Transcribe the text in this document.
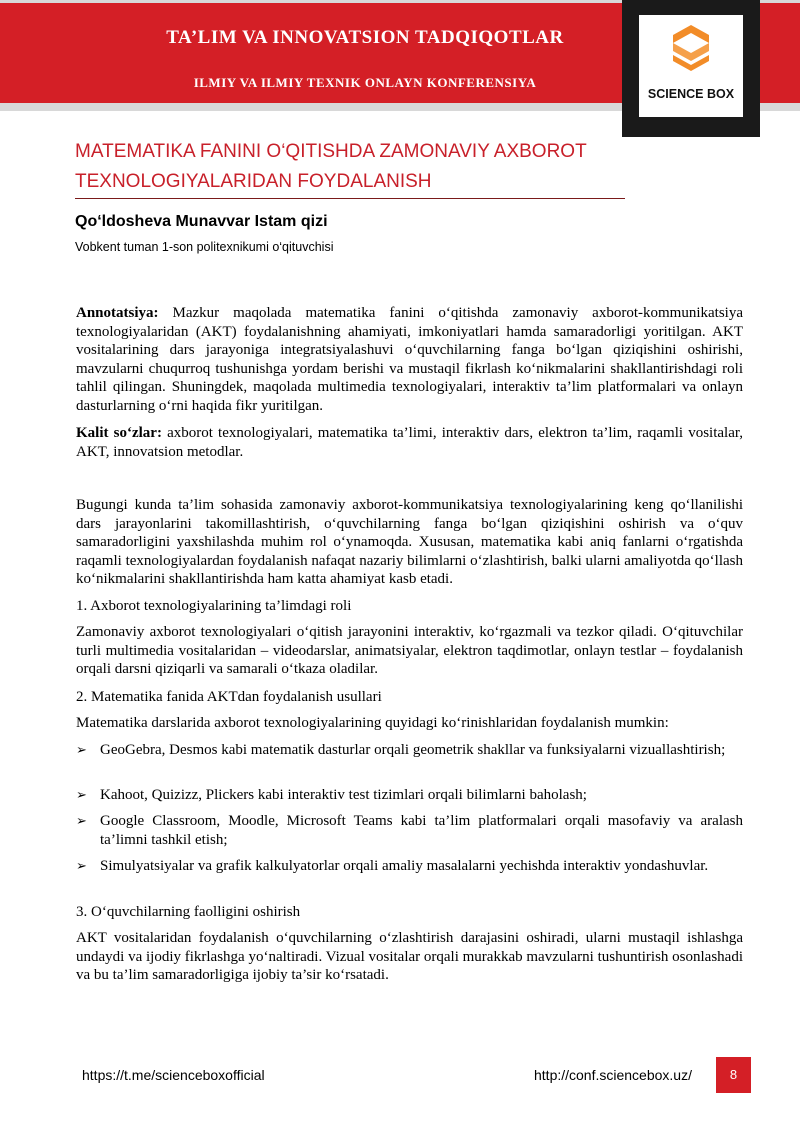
TA’LIM VA INNOVATSION TADQIQOTLAR
ILMIY VA ILMIY TEXNIK ONLAYN KONFERENSIYA
SCIENCE BOX
MATEMATIKA FANINI O‘QITISHDA ZAMONAVIY AXBOROT
TEXNOLOGIYALARIDAN FOYDALANISH
Qo‘ldosheva Munavvar Istam qizi
Vobkent tuman 1-son politexnikumi o‘qituvchisi
Annotatsiya: Mazkur maqolada matematika fanini o‘qitishda zamonaviy axborot-kommunikatsiya texnologiyalaridan (AKT) foydalanishning ahamiyati, imkoniyatlari hamda samaradorligi yoritilgan. AKT vositalarining dars jarayoniga integratsiyalashuvi o‘quvchilarning fanga bo‘lgan qiziqishini oshirishi, mavzularni chuqurroq tushunishga yordam berishi va mustaqil fikrlash ko‘nikmalarini shakllantirishdagi roli tahlil qilingan. Shuningdek, maqolada multimedia texnologiyalari, interaktiv ta’lim platformalari va onlayn dasturlarning o‘rni haqida fikr yuritilgan.
Kalit so‘zlar: axborot texnologiyalari, matematika ta’limi, interaktiv dars, elektron ta’lim, raqamli vositalar, AKT, innovatsion metodlar.
Bugungi kunda ta’lim sohasida zamonaviy axborot-kommunikatsiya texnologiyalarining keng qo‘llanilishi dars jarayonlarini takomillashtirish, o‘quvchilarning fanga bo‘lgan qiziqishini oshirish va o‘quv samaradorligini yaxshilashda muhim rol o‘ynamoqda. Xususan, matematika kabi aniq fanlarni o‘rgatishda raqamli texnologiyalardan foydalanish nafaqat nazariy bilimlarni o‘zlashtirish, balki ularni amaliyotda qo‘llash ko‘nikmalarini shakllantirishda ham katta ahamiyat kasb etadi.
1. Axborot texnologiyalarining ta’limdagi roli
Zamonaviy axborot texnologiyalari o‘qitish jarayonini interaktiv, ko‘rgazmali va tezkor qiladi. O‘qituvchilar turli multimedia vositalaridan – videodarslar, animatsiyalar, elektron taqdimotlar, onlayn testlar – foydalanish orqali darsni qiziqarli va samarali o‘tkaza oladilar.
2. Matematika fanida AKTdan foydalanish usullari
Matematika darslarida axborot texnologiyalarining quyidagi ko‘rinishlaridan foydalanish mumkin:
➢ GeoGebra, Desmos kabi matematik dasturlar orqali geometrik shakllar va funksiyalarni vizuallashtirish;
➢ Kahoot, Quizizz, Plickers kabi interaktiv test tizimlari orqali bilimlarni baholash;
➢ Google Classroom, Moodle, Microsoft Teams kabi ta’lim platformalari orqali masofaviy va aralash ta’limni tashkil etish;
➢ Simulyatsiyalar va grafik kalkulyatorlar orqali amaliy masalalarni yechishda interaktiv yondashuvlar.
3. O‘quvchilarning faolligini oshirish
AKT vositalaridan foydalanish o‘quvchilarning o‘zlashtirish darajasini oshiradi, ularni mustaqil ishlashga undaydi va ijodiy fikrlashga yo‘naltiradi. Vizual vositalar orqali murakkab mavzularni tushuntirish osonlashadi va bu ta’lim samaradorligiga ijobiy ta’sir ko‘rsatadi.
https://t.me/scienceboxofficial	http://conf.sciencebox.uz/	8
